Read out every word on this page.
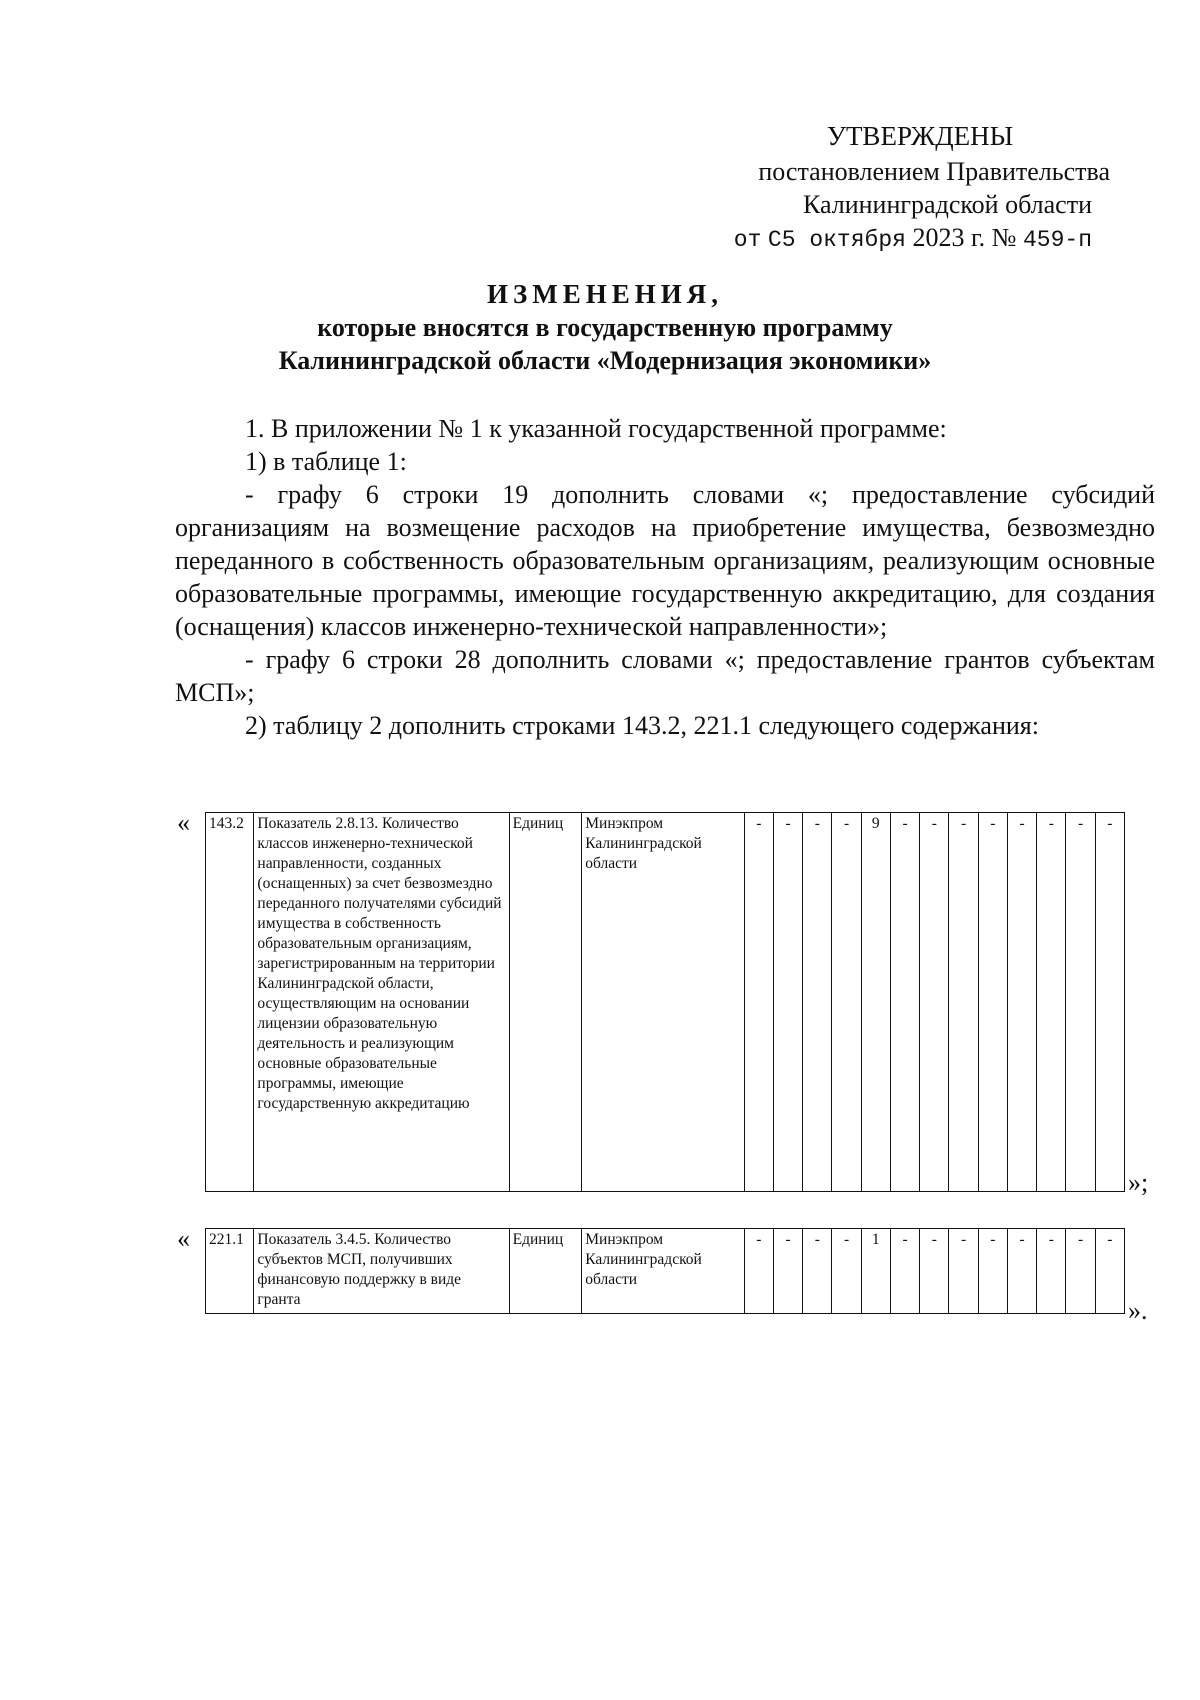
УТВЕРЖДЕНЫ
постановлением Правительства
Калининградской области
от С5 октября 2023 г. № 459-п
ИЗМЕНЕНИЯ,
которые вносятся в государственную программу
Калининградской области «Модернизация экономики»

1. В приложении № 1 к указанной государственной программе:

1) в таблице 1:

- графу 6 строки 19 дополнить словами «; предоставление субсидий организациям на возмещение расходов на приобретение имущества, безвозмездно переданного в собственность образовательным организациям, реализующим основные образовательные программы, имеющие государственную аккредитацию, для создания (оснащения) классов инженерно-технической направленности»;

- графу 6 строки 28 дополнить словами «; предоставление грантов субъектам МСП»;

2) таблицу 2 дополнить строками 143.2, 221.1 следующего содержания:

« 143.2	Показатель 2.8.13. Количество классов инженерно-технической направленности, созданных (оснащенных) за счет безвозмездно переданного получателями субсидий имущества в собственность образовательным организациям, зарегистрированным на территории Калининградской области, осуществляющим на основании лицензии образовательную деятельность и реализующим основные образовательные программы, имеющие государственную аккредитацию	Единиц	Минэкпром Калининградской области	-	-	-	-	9	-	-	-	-	-	-	-	-
»;
« 221.1	Показатель 3.4.5. Количество субъектов МСП, получивших финансовую поддержку в виде гранта	Единиц	Минэкпром Калининградской области	-	-	-	-	1	-	-	-	-	-	-	-	-
».
